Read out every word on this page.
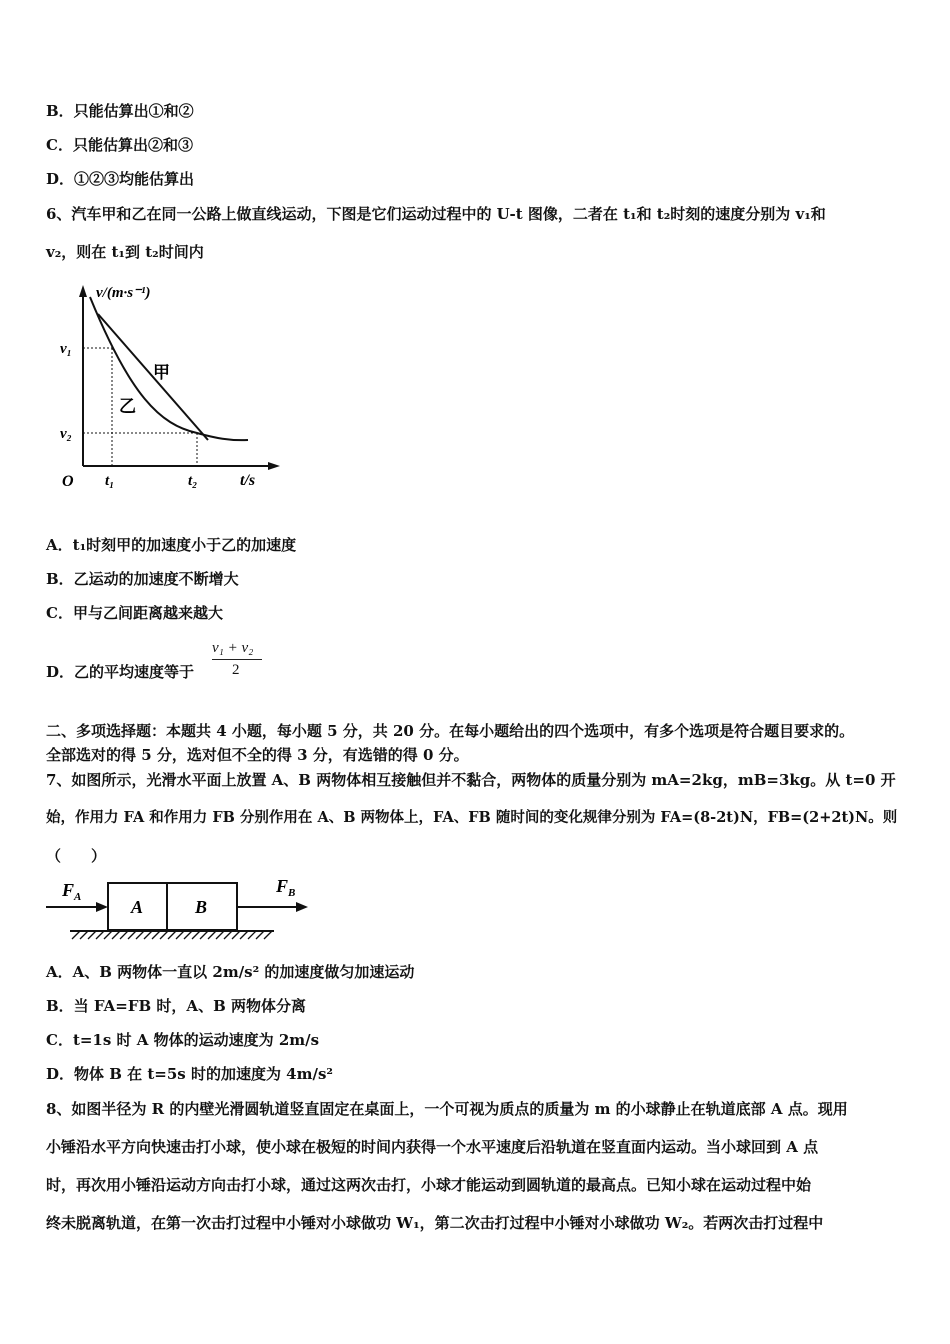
B．只能估算出①和②
C．只能估算出②和③
D．①②③均能估算出
6、汽车甲和乙在同一公路上做直线运动，下图是它们运动过程中的 U-t 图像，二者在 t₁和 t₂时刻的速度分别为 v₁和
v₂，则在 t₁到 t₂时间内
v/(m·s⁻¹)
t/s
O
v₁
v₂
t₁	t₂
甲
乙
A．t₁时刻甲的加速度小于乙的加速度
B．乙运动的加速度不断增大
C．甲与乙间距离越来越大
D．乙的平均速度等于
v₁ + v₂
2
二、多项选择题：本题共 4 小题，每小题 5 分，共 20 分。在每小题给出的四个选项中，有多个选项是符合题目要求的。
全部选对的得 5 分，选对但不全的得 3 分，有选错的得 0 分。
7、如图所示，光滑水平面上放置 A、B 两物体相互接触但并不黏合，两物体的质量分别为 mA=2kg，mB=3kg。从 t=0 开
始，作用力 FA 和作用力 FB 分别作用在 A、B 两物体上，FA、FB 随时间的变化规律分别为 FA=(8-2t)N，FB=(2+2t)N。则
（　　）
A	B
$F_A$
$F_B$
A．A、B 两物体一直以 2m/s² 的加速度做匀加速运动
B．当 FA=FB 时，A、B 两物体分离
C．t=1s 时 A 物体的运动速度为 2m/s
D．物体 B 在 t=5s 时的加速度为 4m/s²
8、如图半径为 R 的内壁光滑圆轨道竖直固定在桌面上，一个可视为质点的质量为 m 的小球静止在轨道底部 A 点。现用
小锤沿水平方向快速击打小球，使小球在极短的时间内获得一个水平速度后沿轨道在竖直面内运动。当小球回到 A 点
时，再次用小锤沿运动方向击打小球，通过这两次击打，小球才能运动到圆轨道的最高点。已知小球在运动过程中始
终未脱离轨道，在第一次击打过程中小锤对小球做功 W₁，第二次击打过程中小锤对小球做功 W₂。若两次击打过程中
